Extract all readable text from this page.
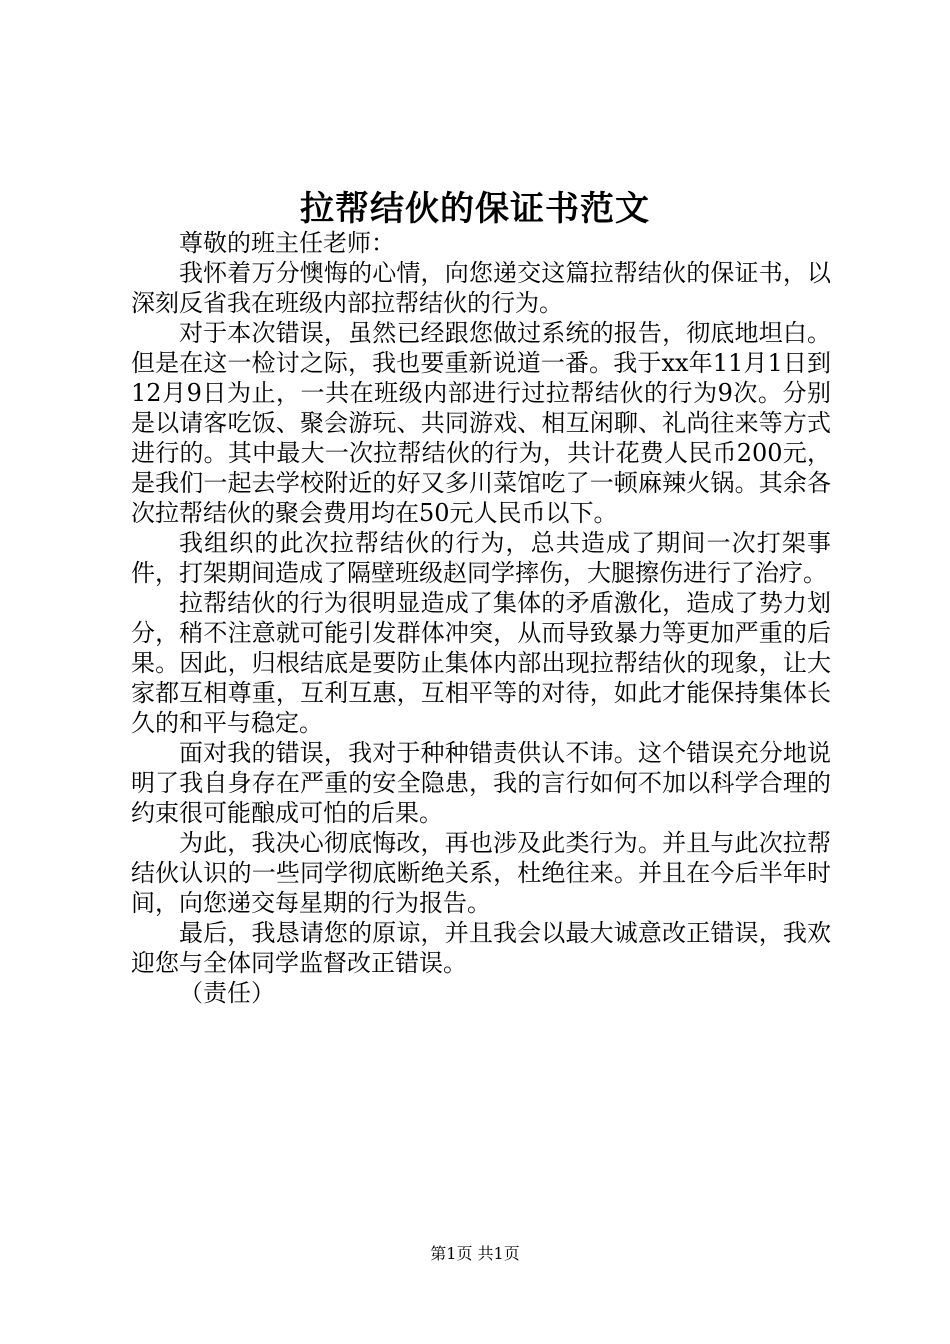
拉帮结伙的保证书范文

尊敬的班主任老师：

我怀着万分懊悔的心情，向您递交这篇拉帮结伙的保证书，以深刻反省我在班级内部拉帮结伙的行为。

对于本次错误，虽然已经跟您做过系统的报告，彻底地坦白。但是在这一检讨之际，我也要重新说道一番。我于xx年11月1日到12月9日为止，一共在班级内部进行过拉帮结伙的行为9次。分别是以请客吃饭、聚会游玩、共同游戏、相互闲聊、礼尚往来等方式进行的。其中最大一次拉帮结伙的行为，共计花费人民币200元，是我们一起去学校附近的好又多川菜馆吃了一顿麻辣火锅。其余各次拉帮结伙的聚会费用均在50元人民币以下。

我组织的此次拉帮结伙的行为，总共造成了期间一次打架事件，打架期间造成了隔壁班级赵同学摔伤，大腿擦伤进行了治疗。

拉帮结伙的行为很明显造成了集体的矛盾激化，造成了势力划分，稍不注意就可能引发群体冲突，从而导致暴力等更加严重的后果。因此，归根结底是要防止集体内部出现拉帮结伙的现象，让大家都互相尊重，互利互惠，互相平等的对待，如此才能保持集体长久的和平与稳定。

面对我的错误，我对于种种错责供认不讳。这个错误充分地说明了我自身存在严重的安全隐患，我的言行如何不加以科学合理的约束很可能酿成可怕的后果。

为此，我决心彻底悔改，再也涉及此类行为。并且与此次拉帮结伙认识的一些同学彻底断绝关系，杜绝往来。并且在今后半年时间，向您递交每星期的行为报告。

最后，我恳请您的原谅，并且我会以最大诚意改正错误，我欢迎您与全体同学监督改正错误。

（责任）

第1页 共1页
